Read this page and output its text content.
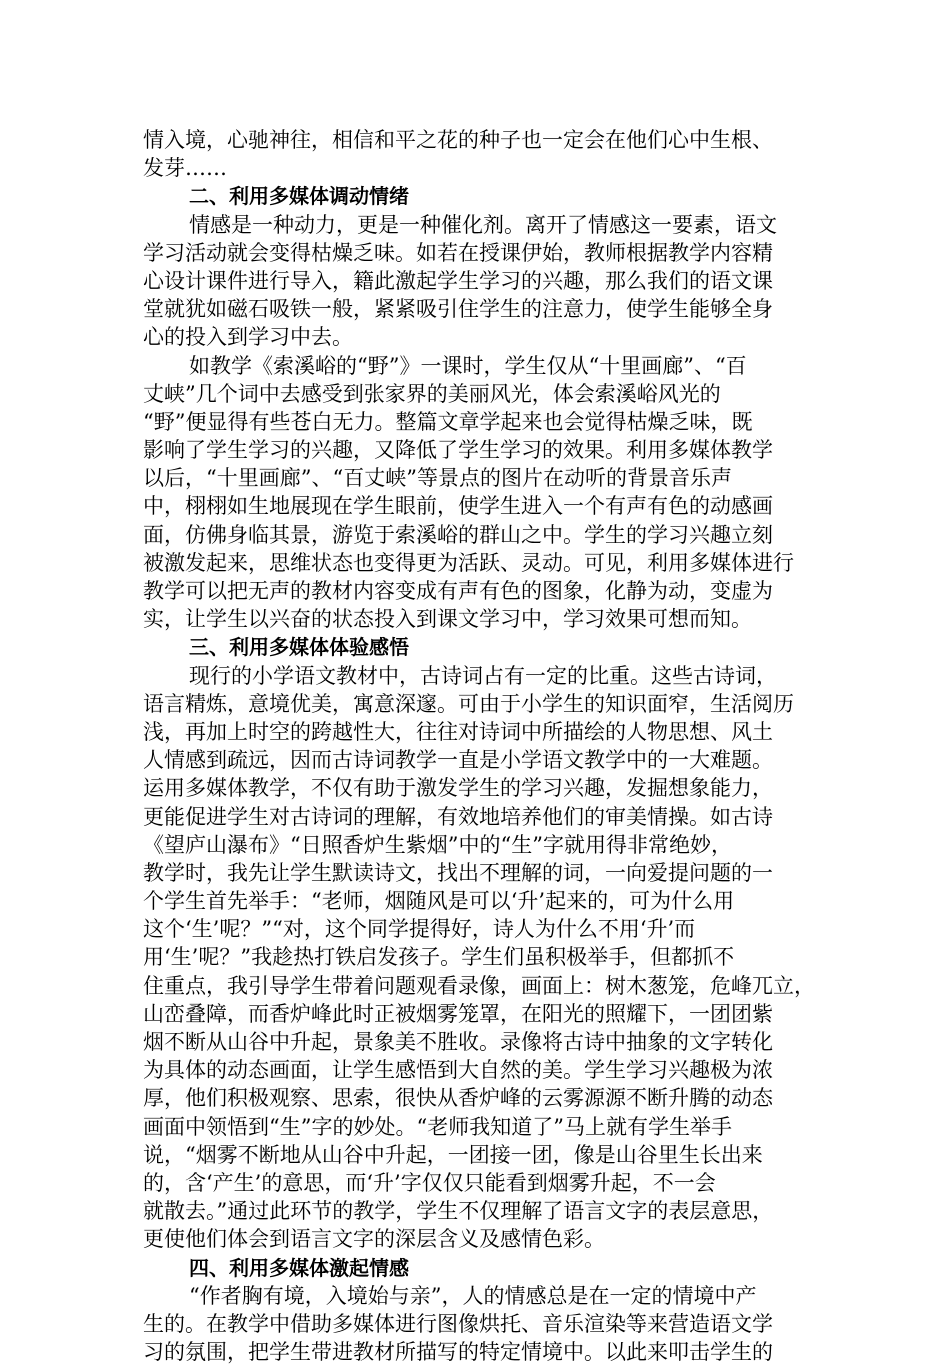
情入境，心驰神往，相信和平之花的种子也一定会在他们心中生根、
发芽……
二、利用多媒体调动情绪
情感是一种动力，更是一种催化剂。离开了情感这一要素，语文
学习活动就会变得枯燥乏味。如若在授课伊始，教师根据教学内容精
心设计课件进行导入，籍此激起学生学习的兴趣，那么我们的语文课
堂就犹如磁石吸铁一般，紧紧吸引住学生的注意力，使学生能够全身
心的投入到学习中去。
如教学《索溪峪的“野”》一课时，学生仅从“十里画廊”、“百
丈峡”几个词中去感受到张家界的美丽风光，体会索溪峪风光的
“野”便显得有些苍白无力。整篇文章学起来也会觉得枯燥乏味，既
影响了学生学习的兴趣，又降低了学生学习的效果。利用多媒体教学
以后，“十里画廊”、“百丈峡”等景点的图片在动听的背景音乐声
中，栩栩如生地展现在学生眼前，使学生进入一个有声有色的动感画
面，仿佛身临其景，游览于索溪峪的群山之中。学生的学习兴趣立刻
被激发起来，思维状态也变得更为活跃、灵动。可见，利用多媒体进行
教学可以把无声的教材内容变成有声有色的图象，化静为动，变虚为
实，让学生以兴奋的状态投入到课文学习中，学习效果可想而知。
三、利用多媒体体验感悟
现行的小学语文教材中，古诗词占有一定的比重。这些古诗词，
语言精炼，意境优美，寓意深邃。可由于小学生的知识面窄，生活阅历
浅，再加上时空的跨越性大，往往对诗词中所描绘的人物思想、风土
人情感到疏远，因而古诗词教学一直是小学语文教学中的一大难题。
运用多媒体教学，不仅有助于激发学生的学习兴趣，发掘想象能力，
更能促进学生对古诗词的理解，有效地培养他们的审美情操。如古诗
《望庐山瀑布》“日照香炉生紫烟”中的“生”字就用得非常绝妙，
教学时，我先让学生默读诗文，找出不理解的词，一向爱提问题的一
个学生首先举手：“老师，烟随风是可以‘升’起来的，可为什么用
这个‘生’呢？”“对，这个同学提得好，诗人为什么不用‘升’而
用‘生’呢？”我趁热打铁启发孩子。学生们虽积极举手，但都抓不
住重点，我引导学生带着问题观看录像，画面上：树木葱笼，危峰兀立，
山峦叠障，而香炉峰此时正被烟雾笼罩，在阳光的照耀下，一团团紫
烟不断从山谷中升起，景象美不胜收。录像将古诗中抽象的文字转化
为具体的动态画面，让学生感悟到大自然的美。学生学习兴趣极为浓
厚，他们积极观察、思索，很快从香炉峰的云雾源源不断升腾的动态
画面中领悟到“生”字的妙处。“老师我知道了”马上就有学生举手
说，“烟雾不断地从山谷中升起，一团接一团，像是山谷里生长出来
的，含‘产生’的意思，而‘升’字仅仅只能看到烟雾升起，不一会
就散去。”通过此环节的教学，学生不仅理解了语言文字的表层意思，
更使他们体会到语言文字的深层含义及感情色彩。
四、利用多媒体激起情感
“作者胸有境，入境始与亲”，人的情感总是在一定的情境中产
生的。在教学中借助多媒体进行图像烘托、音乐渲染等来营造语文学
习的氛围，把学生带进教材所描写的特定情境中。以此来叩击学生的
